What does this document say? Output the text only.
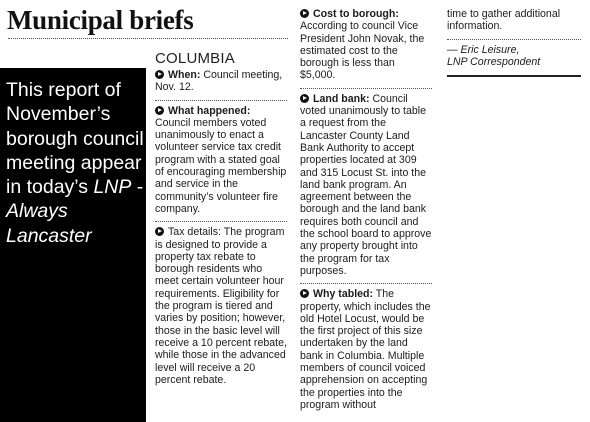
Municipal briefs
This report of November’s borough council meeting appear in today’s LNP - Always Lancaster
COLUMBIA

When: Council meeting, Nov. 12.

What happened:

Council members voted unanimously to enact a volunteer service tax credit program with a stated goal of encouraging membership and service in the community’s volunteer fire company.

Tax details: The program is designed to provide a property tax rebate to borough residents who meet certain volunteer hour requirements. Eligibility for the program is tiered and varies by position; however, those in the basic level will receive a 10 percent rebate, while those in the advanced level will receive a 20 percent rebate.

Cost to borough:

According to council Vice President John Novak, the estimated cost to the borough is less than $5,000.

Land bank: Council voted unanimously to table a request from the Lancaster County Land Bank Authority to accept properties located at 309 and 315 Locust St. into the land bank program. An agreement between the borough and the land bank requires both council and the school board to approve any property brought into the program for tax purposes.

Why tabled: The property, which includes the old Hotel Locust, would be the first project of this size undertaken by the land bank in Columbia. Multiple members of council voiced apprehension on accepting the properties into the program without

time to gather additional information.

— Eric Leisure,

LNP Correspondent
